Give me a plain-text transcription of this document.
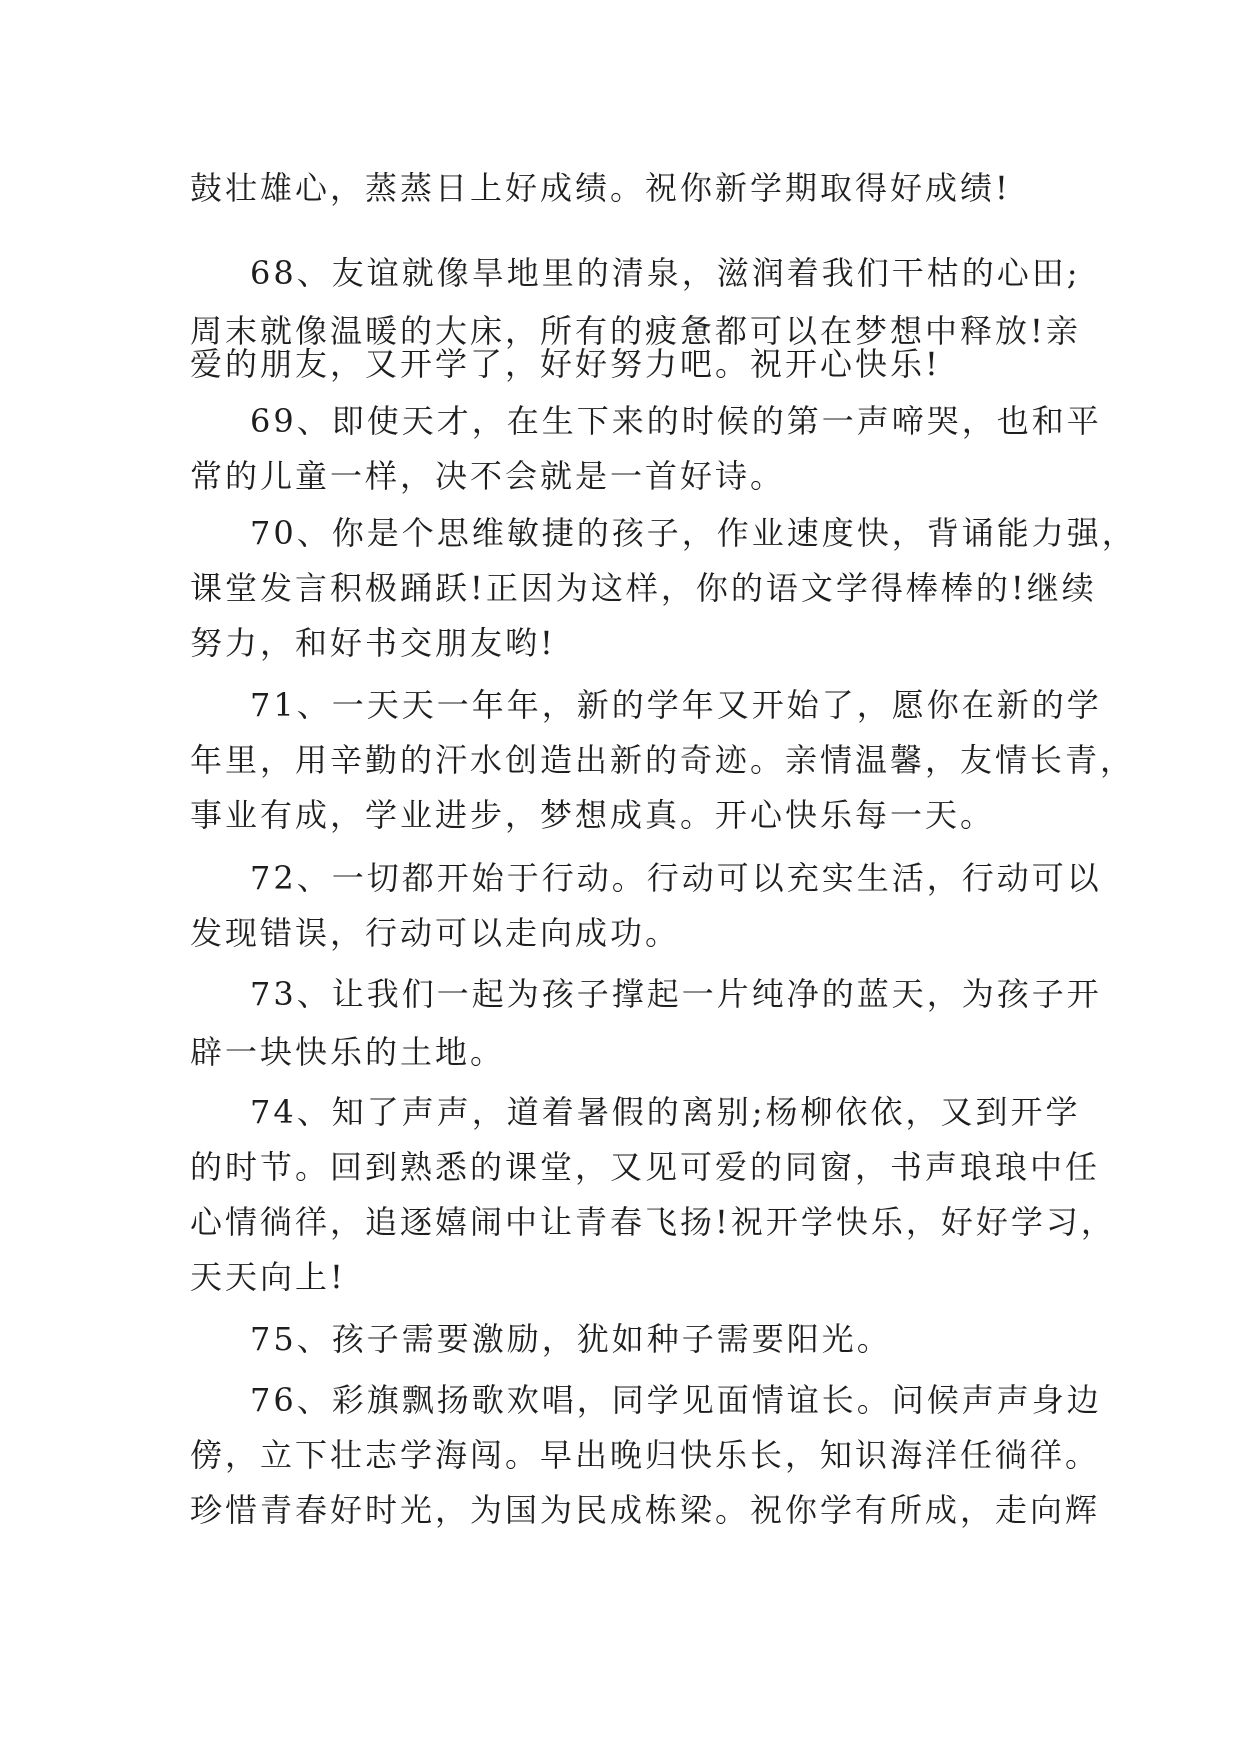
鼓壮雄心，蒸蒸日上好成绩。祝你新学期取得好成绩!

68、友谊就像旱地里的清泉，滋润着我们干枯的心田;

周末就像温暖的大床，所有的疲惫都可以在梦想中释放!亲

爱的朋友，又开学了，好好努力吧。祝开心快乐!

69、即使天才，在生下来的时候的第一声啼哭，也和平

常的儿童一样，决不会就是一首好诗。

70、你是个思维敏捷的孩子，作业速度快，背诵能力强，

课堂发言积极踊跃!正因为这样，你的语文学得棒棒的!继续

努力，和好书交朋友哟!

71、一天天一年年，新的学年又开始了，愿你在新的学

年里，用辛勤的汗水创造出新的奇迹。亲情温馨，友情长青，

事业有成，学业进步，梦想成真。开心快乐每一天。

72、一切都开始于行动。行动可以充实生活，行动可以

发现错误，行动可以走向成功。

73、让我们一起为孩子撑起一片纯净的蓝天，为孩子开

辟一块快乐的土地。

74、知了声声，道着暑假的离别;杨柳依依，又到开学

的时节。回到熟悉的课堂，又见可爱的同窗，书声琅琅中任

心情徜徉，追逐嬉闹中让青春飞扬!祝开学快乐，好好学习，

天天向上!

75、孩子需要激励，犹如种子需要阳光。

76、彩旗飘扬歌欢唱，同学见面情谊长。问候声声身边

傍，立下壮志学海闯。早出晚归快乐长，知识海洋任徜徉。

珍惜青春好时光，为国为民成栋梁。祝你学有所成，走向辉
